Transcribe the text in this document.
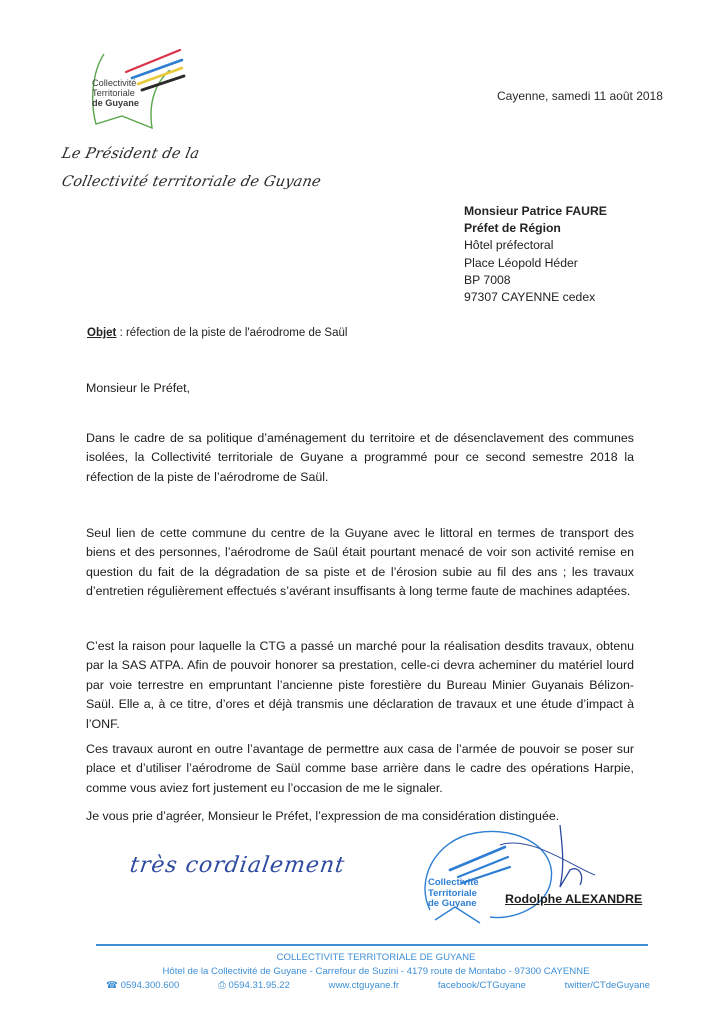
Collectivité
Territoriale
de Guyane
Le Président de la
Collectivité territoriale de Guyane
Cayenne, samedi 11 août 2018
Monsieur Patrice FAURE
Préfet de Région
Hôtel préfectoral
Place Léopold Héder
BP 7008
97307 CAYENNE cedex
Objet : réfection de la piste de l'aérodrome de Saül
Monsieur le Préfet,
Dans le cadre de sa politique d’aménagement du territoire et de désenclavement des communes isolées, la Collectivité territoriale de Guyane a programmé pour ce second semestre 2018 la réfection de la piste de l’aérodrome de Saül.
Seul lien de cette commune du centre de la Guyane avec le littoral en termes de transport des biens et des personnes, l’aérodrome de Saül était pourtant menacé de voir son activité remise en question du fait de la dégradation de sa piste et de l’érosion subie au fil des ans ; les travaux d’entretien régulièrement effectués s’avérant insuffisants à long terme faute de machines adaptées.
C’est la raison pour laquelle la CTG a passé un marché pour la réalisation desdits travaux, obtenu par la SAS ATPA. Afin de pouvoir honorer sa prestation, celle-ci devra acheminer du matériel lourd par voie terrestre en empruntant l’ancienne piste forestière du Bureau Minier Guyanais Bélizon-Saül. Elle a, à ce titre, d’ores et déjà transmis une déclaration de travaux et une étude d’impact à l’ONF.
Ces travaux auront en outre l’avantage de permettre aux casa de l’armée de pouvoir se poser sur place et d’utiliser l’aérodrome de Saül comme base arrière dans le cadre des opérations Harpie, comme vous aviez fort justement eu l’occasion de me le signaler.
Je vous prie d’agréer, Monsieur le Préfet, l’expression de ma considération distinguée.
très cordialement
Collectivité
Territoriale
de Guyane Rodolphe ALEXANDRE
COLLECTIVITE TERRITORIALE DE GUYANE
Hôtel de la Collectivité de Guyane - Carrefour de Suzini - 4179 route de Montabo - 97300 CAYENNE
☎ 0594.300.600	⎙ 0594.31.95.22	www.ctguyane.fr	facebook/CTGuyane	twitter/CTdeGuyane
